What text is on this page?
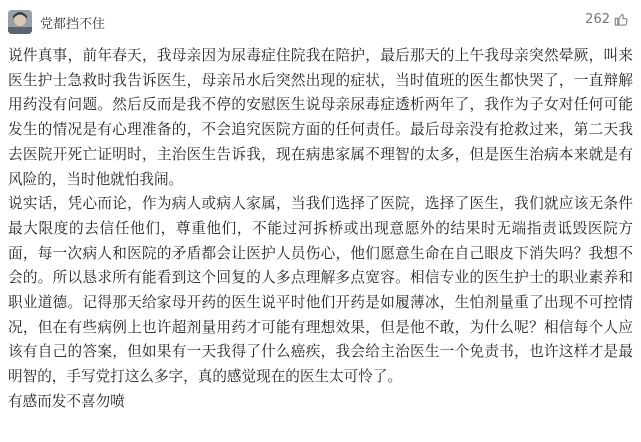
党都挡不住	262

说件真事，前年春天，我母亲因为尿毒症住院我在陪护，最后那天的上午我母亲突然晕厥，叫来医生护士急救时我告诉医生，母亲吊水后突然出现的症状，当时值班的医生都快哭了，一直辩解用药没有问题。然后反而是我不停的安慰医生说母亲尿毒症透析两年了，我作为子女对任何可能发生的情况是有心理准备的，不会追究医院方面的任何责任。最后母亲没有抢救过来，第二天我去医院开死亡证明时，主治医生告诉我，现在病患家属不理智的太多，但是医生治病本来就是有风险的，当时他就怕我闹。

说实话，凭心而论，作为病人或病人家属，当我们选择了医院，选择了医生，我们就应该无条件最大限度的去信任他们，尊重他们，不能过河拆桥或出现意愿外的结果时无端指责诋毁医院方面，每一次病人和医院的矛盾都会让医护人员伤心，他们愿意生命在自己眼皮下消失吗？我想不会的。所以恳求所有能看到这个回复的人多点理解多点宽容。相信专业的医生护士的职业素养和职业道德。记得那天给家母开药的医生说平时他们开药是如履薄冰，生怕剂量重了出现不可控情况，但在有些病例上也许超剂量用药才可能有理想效果，但是他不敢，为什么呢？相信每个人应该有自己的答案，但如果有一天我得了什么癌疾，我会给主治医生一个免责书，也许这样才是最明智的，手写党打这么多字，真的感觉现在的医生太可怜了。

有感而发不喜勿喷
